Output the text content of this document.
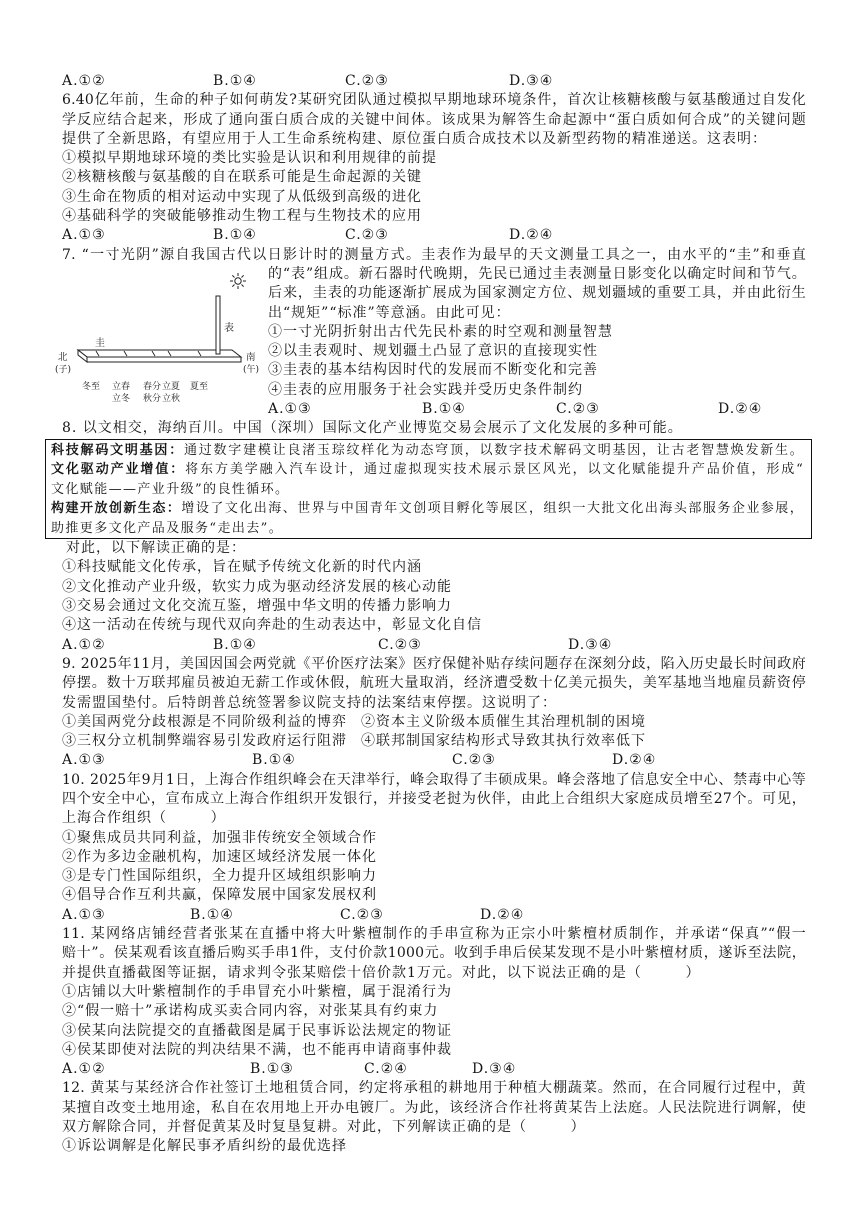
北
(子)
南
(午)
圭
表
冬至 立春 春分 立夏 夏至
立冬 秋分 立秋

A.①②

	B.①④

	C.②③

	D.③④

6.40亿年前，生命的种子如何萌发?某研究团队通过模拟早期地球环境条件，首次让核糖核酸与氨基酸通过自发化
学反应结合起来，形成了通向蛋白质合成的关键中间体。该成果为解答生命起源中“蛋白质如何合成”的关键问题
提供了全新思路，有望应用于人工生命系统构建、原位蛋白质合成技术以及新型药物的精准递送。这表明：
①模拟早期地球环境的类比实验是认识和利用规律的前提
②核糖核酸与氨基酸的自在联系可能是生命起源的关键
③生命在物质的相对运动中实现了从低级到高级的进化
④基础科学的突破能够推动生物工程与生物技术的应用

A.①③

	B.①④

	C.②③

	D.②④

7. “一寸光阴”源自我国古代以日影计时的测量方式。圭表作为最早的天文测量工具之一，由水平的“圭”和垂直
的“表”组成。新石器时代晚期，先民已通过圭表测量日影变化以确定时间和节气。
后来，圭表的功能逐渐扩展成为国家测定方位、规划疆域的重要工具，并由此衍生
出“规矩”“标准”等意涵。由此可见：
①一寸光阴折射出古代先民朴素的时空观和测量智慧
②以圭表观时、规划疆土凸显了意识的直接现实性
③圭表的基本结构因时代的发展而不断变化和完善
④圭表的应用服务于社会实践并受历史条件制约

A.①③

	B.①④

	C.②③

	D.②④

8. 以文相交，海纳百川。中国（深圳）国际文化产业博览交易会展示了文化发展的多种可能。
科技解码文明基因：通过数字建模让良渚玉琮纹样化为动态穹顶，以数字技术解码文明基因，让古老智慧焕发新生。
文化驱动产业增值：将东方美学融入汽车设计，通过虚拟现实技术展示景区风光，以文化赋能提升产品价值，形成“
文化赋能——产业升级”的良性循环。
构建开放创新生态：增设了文化出海、世界与中国青年文创项目孵化等展区，组织一大批文化出海头部服务企业参展，
助推更多文化产品及服务“走出去”。
对此，以下解读正确的是：
①科技赋能文化传承，旨在赋予传统文化新的时代内涵
②文化推动产业升级，软实力成为驱动经济发展的核心动能
③交易会通过文化交流互鉴，增强中华文明的传播力影响力
④这一活动在传统与现代双向奔赴的生动表达中，彰显文化自信

A.①②

	B.①④

	C.②③

	D.③④

9. 2025年11月，美国因国会两党就《平价医疗法案》医疗保健补贴存续问题存在深刻分歧，陷入历史最长时间政府
停摆。数十万联邦雇员被迫无薪工作或休假，航班大量取消，经济遭受数十亿美元损失，美军基地当地雇员薪资停
发需盟国垫付。后特朗普总统签署参议院支持的法案结束停摆。这说明了：

①美国两党分歧根源是不同阶级利益的博弈

②资本主义阶级本质催生其治理机制的困境

③三权分立机制弊端容易引发政府运行阻滞

④联邦制国家结构形式导致其执行效率低下

A.①③

	B.①④

	C.②③

	D.②④

10. 2025年9月1日，上海合作组织峰会在天津举行，峰会取得了丰硕成果。峰会落地了信息安全中心、禁毒中心等
四个安全中心，宣布成立上海合作组织开发银行，并接受老挝为伙伴，由此上合组织大家庭成员增至27个。可见，
上海合作组织（        ）
①聚焦成员共同利益，加强非传统安全领域合作
②作为多边金融机构，加速区域经济发展一体化
③是专门性国际组织，全力提升区域组织影响力
④倡导合作互利共赢，保障发展中国家发展权利

A.①③

	B.①④

	C.②③

	D.②④

11. 某网络店铺经营者张某在直播中将大叶紫檀制作的手串宣称为正宗小叶紫檀材质制作，并承诺“保真”“假一
赔十”。侯某观看该直播后购买手串1件，支付价款1000元。收到手串后侯某发现不是小叶紫檀材质，遂诉至法院，
并提供直播截图等证据，请求判令张某赔偿十倍价款1万元。对此，以下说法正确的是（        ）
①店铺以大叶紫檀制作的手串冒充小叶紫檀，属于混淆行为
②“假一赔十”承诺构成买卖合同内容，对张某具有约束力
③侯某向法院提交的直播截图是属于民事诉讼法规定的物证
④侯某即使对法院的判决结果不满，也不能再申请商事仲裁

A.①②

	B.①③

	C.②④

	D.③④

12. 黄某与某经济合作社签订土地租赁合同，约定将承租的耕地用于种植大棚蔬菜。然而，在合同履行过程中，黄
某擅自改变土地用途，私自在农用地上开办电镀厂。为此，该经济合作社将黄某告上法庭。人民法院进行调解，使
双方解除合同，并督促黄某及时复垦复耕。对此，下列解读正确的是（        ）
①诉讼调解是化解民事矛盾纠纷的最优选择
